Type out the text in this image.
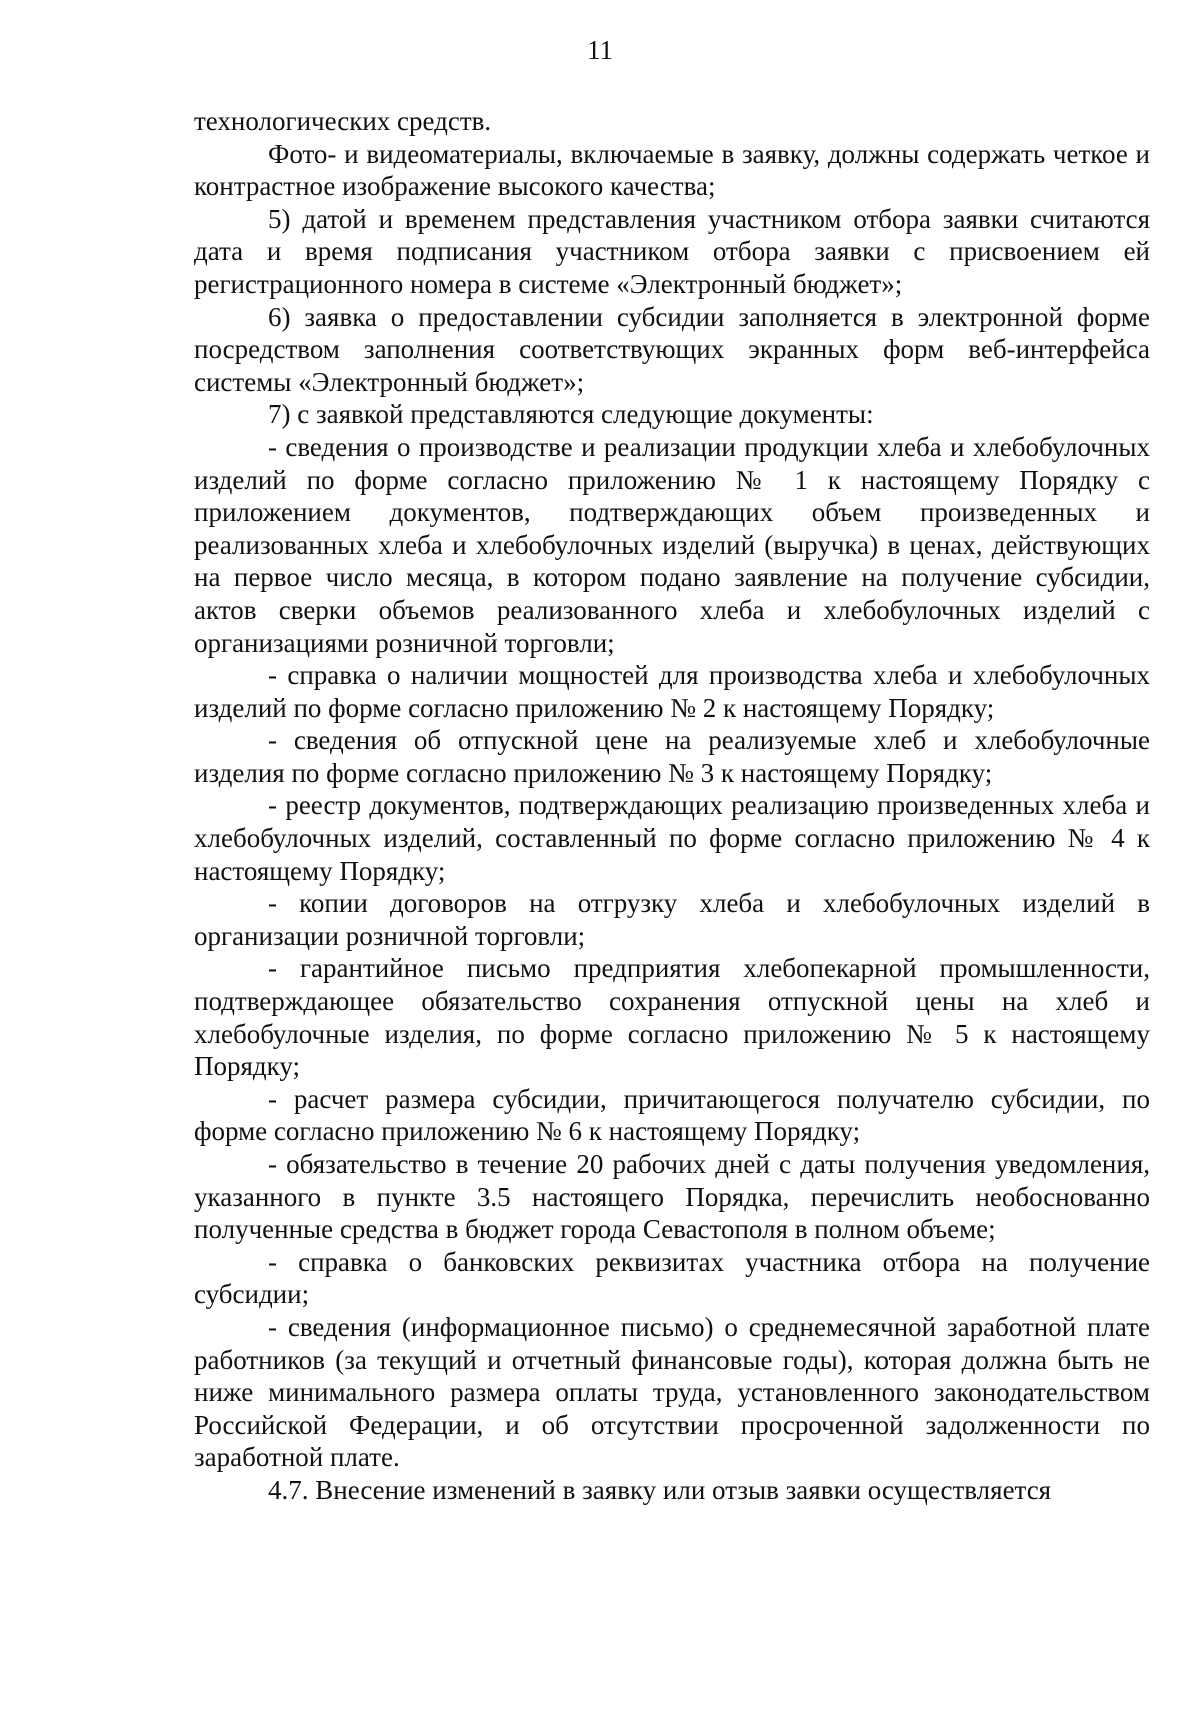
11

технологических средств.

Фото- и видеоматериалы, включаемые в заявку, должны содержать четкое и контрастное изображение высокого качества;

5) датой и временем представления участником отбора заявки считаются дата и время подписания участником отбора заявки с присвоением ей регистрационного номера в системе «Электронный бюджет»;

6) заявка о предоставлении субсидии заполняется в электронной форме посредством заполнения соответствующих экранных форм веб-интерфейса системы «Электронный бюджет»;

7) с заявкой представляются следующие документы:

- сведения о производстве и реализации продукции хлеба и хлебобулочных изделий по форме согласно приложению № 1 к настоящему Порядку с приложением документов, подтверждающих объем произведенных и реализованных хлеба и хлебобулочных изделий (выручка) в ценах, действующих на первое число месяца, в котором подано заявление на получение субсидии, актов сверки объемов реализованного хлеба и хлебобулочных изделий с организациями розничной торговли;

- справка о наличии мощностей для производства хлеба и хлебобулочных изделий по форме согласно приложению № 2 к настоящему Порядку;

- сведения об отпускной цене на реализуемые хлеб и хлебобулочные изделия по форме согласно приложению № 3 к настоящему Порядку;

- реестр документов, подтверждающих реализацию произведенных хлеба и хлебобулочных изделий, составленный по форме согласно приложению № 4 к настоящему Порядку;

- копии договоров на отгрузку хлеба и хлебобулочных изделий в организации розничной торговли;

- гарантийное письмо предприятия хлебопекарной промышленности, подтверждающее обязательство сохранения отпускной цены на хлеб и хлебобулочные изделия, по форме согласно приложению № 5 к настоящему Порядку;

- расчет размера субсидии, причитающегося получателю субсидии, по форме согласно приложению № 6 к настоящему Порядку;

- обязательство в течение 20 рабочих дней с даты получения уведомления, указанного в пункте 3.5 настоящего Порядка, перечислить необоснованно полученные средства в бюджет города Севастополя в полном объеме;

- справка о банковских реквизитах участника отбора на получение субсидии;

- сведения (информационное письмо) о среднемесячной заработной плате работников (за текущий и отчетный финансовые годы), которая должна быть не ниже минимального размера оплаты труда, установленного законодательством Российской Федерации, и об отсутствии просроченной задолженности по заработной плате.

4.7. Внесение изменений в заявку или отзыв заявки осуществляется
